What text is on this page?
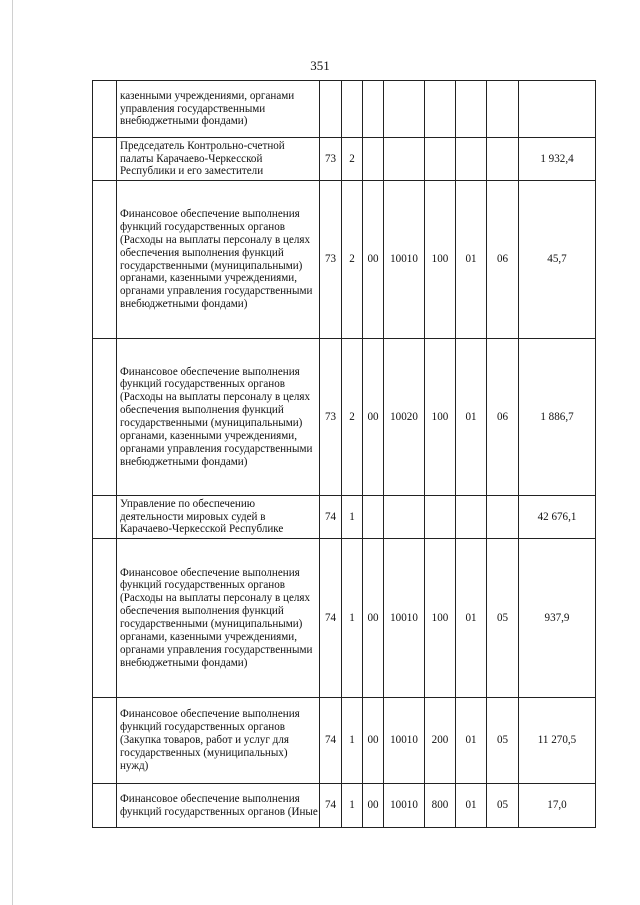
351
	казенными учреждениями, органами управления государственными внебюджетными фондами)								
	Председатель Контрольно-счетной палаты Карачаево-Черкесской Республики и его заместители	73	2						1 932,4
	Финансовое обеспечение выполнения функций государственных органов (Расходы на выплаты персоналу в целях обеспечения выполнения функций государственными (муниципальными) органами, казенными учреждениями, органами управления государственными внебюджетными фондами)	73	2	00	10010	100	01	06	45,7
	Финансовое обеспечение выполнения функций государственных органов (Расходы на выплаты персоналу в целях обеспечения выполнения функций государственными (муниципальными) органами, казенными учреждениями, органами управления государственными внебюджетными фондами)	73	2	00	10020	100	01	06	1 886,7
	Управление по обеспечению деятельности мировых судей в Карачаево-Черкесской Республике	74	1						42 676,1
	Финансовое обеспечение выполнения функций государственных органов (Расходы на выплаты персоналу в целях обеспечения выполнения функций государственными (муниципальными) органами, казенными учреждениями, органами управления государственными внебюджетными фондами)	74	1	00	10010	100	01	05	937,9
	Финансовое обеспечение выполнения функций государственных органов (Закупка товаров, работ и услуг для государственных (муниципальных) нужд)	74	1	00	10010	200	01	05	11 270,5
	Финансовое обеспечение выполнения функций государственных органов (Иные	74	1	00	10010	800	01	05	17,0
